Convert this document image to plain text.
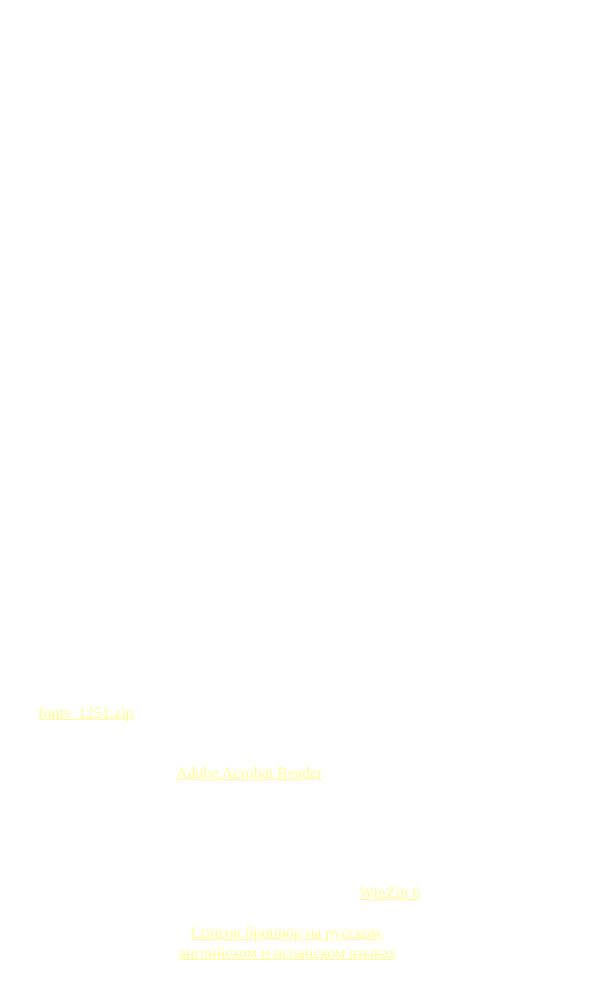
fonts_1251.zip
Adobe Acrobat Reader
WinZip 6
Список брошюр на русском,
английском и испанском языках
